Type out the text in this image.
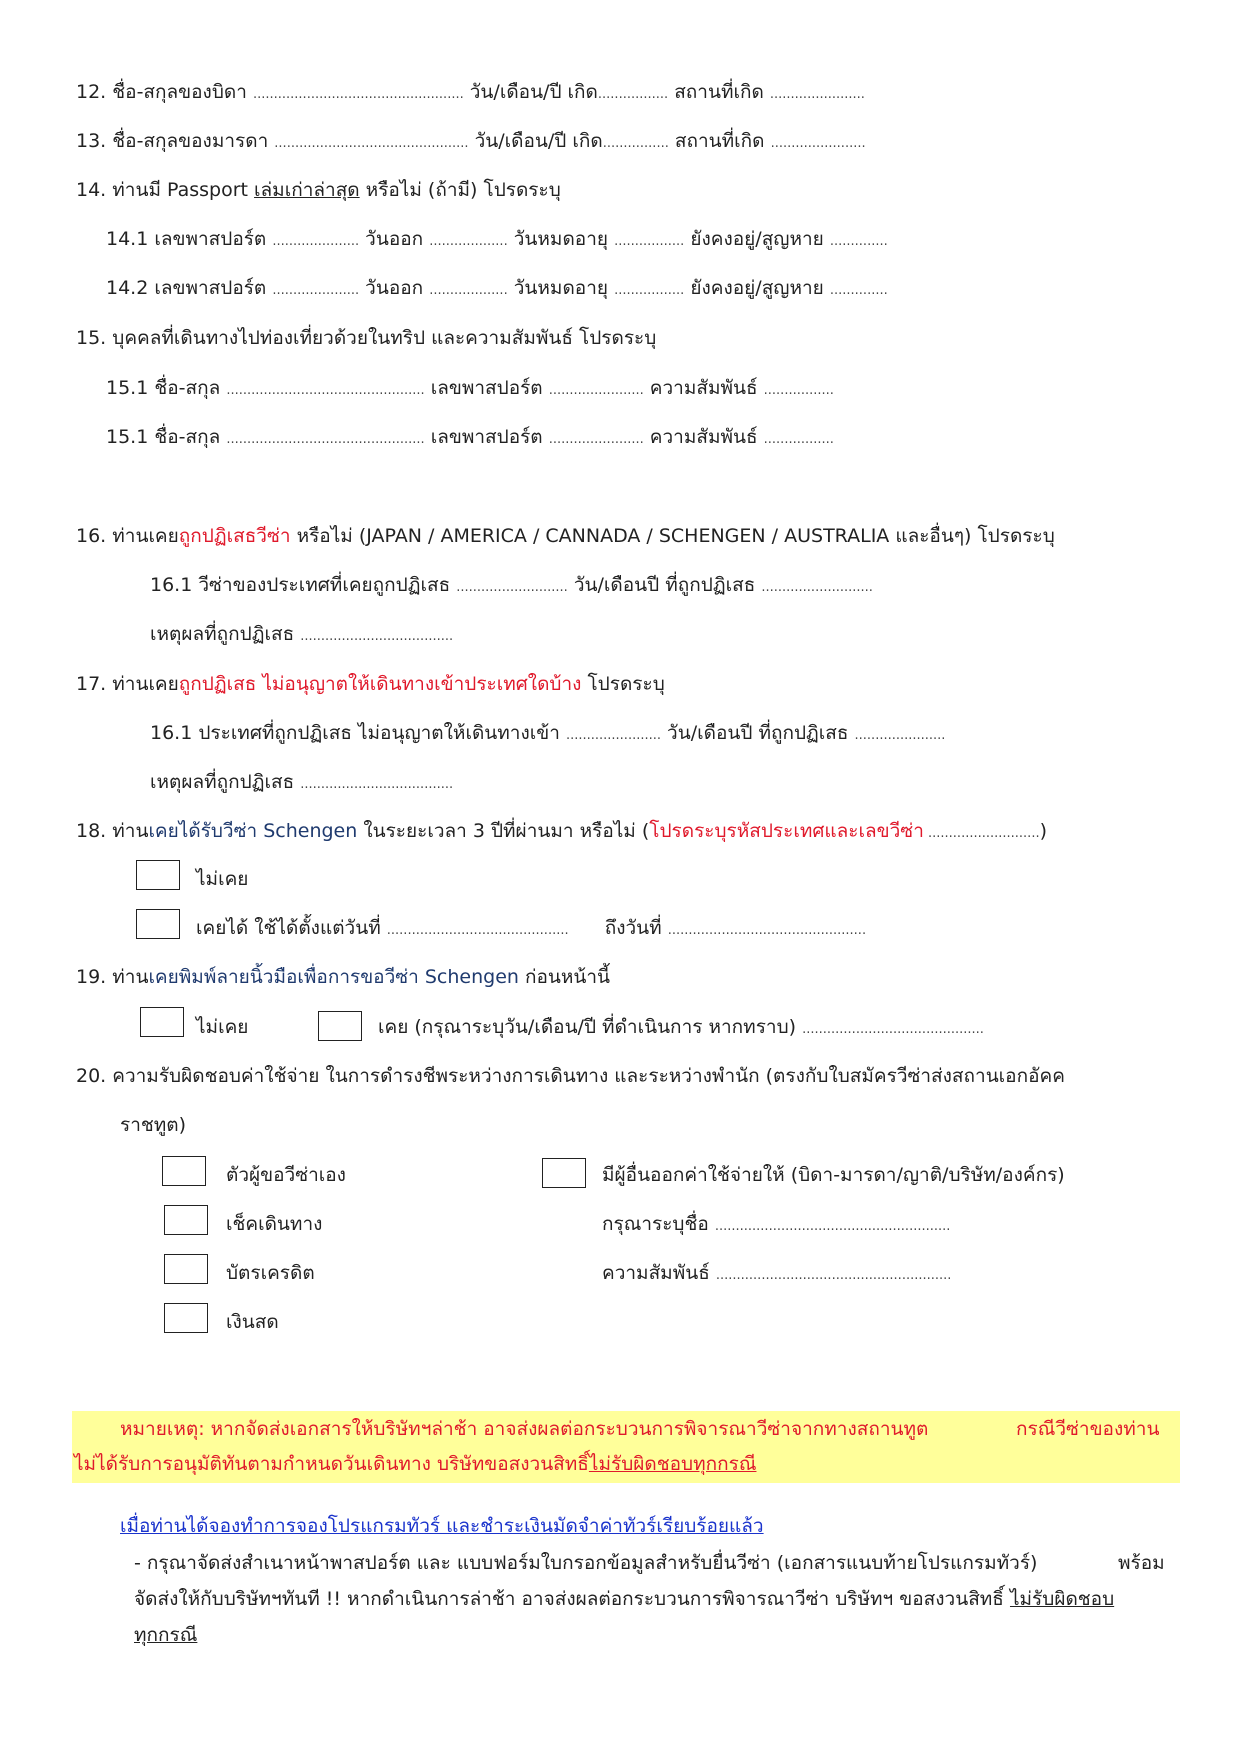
12. ชื่อ-สกุลของบิดา ................................................... วัน/เดือน/ปี เกิด................. สถานที่เกิด .......................
13. ชื่อ-สกุลของมารดา ............................................... วัน/เดือน/ปี เกิด................ สถานที่เกิด .......................
14. ท่านมี Passport เล่มเก่าล่าสุด หรือไม่ (ถ้ามี) โปรดระบุ
14.1 เลขพาสปอร์ต ..................... วันออก ................... วันหมดอายุ ................. ยังคงอยู่/สูญหาย ..............
14.2 เลขพาสปอร์ต ..................... วันออก ................... วันหมดอายุ ................. ยังคงอยู่/สูญหาย ..............
15. บุคคลที่เดินทางไปท่องเที่ยวด้วยในทริป และความสัมพันธ์ โปรดระบุ
15.1 ชื่อ-สกุล ................................................ เลขพาสปอร์ต ....................... ความสัมพันธ์ .................
15.1 ชื่อ-สกุล ................................................ เลขพาสปอร์ต ....................... ความสัมพันธ์ .................
16. ท่านเคยถูกปฏิเสธวีซ่า หรือไม่ (JAPAN / AMERICA / CANNADA / SCHENGEN / AUSTRALIA และอื่นๆ) โปรดระบุ
16.1 วีซ่าของประเทศที่เคยถูกปฏิเสธ ........................... วัน/เดือนปี ที่ถูกปฏิเสธ ...........................
เหตุผลที่ถูกปฏิเสธ .....................................
17. ท่านเคยถูกปฏิเสธ ไม่อนุญาตให้เดินทางเข้าประเทศใดบ้าง โปรดระบุ
16.1 ประเทศที่ถูกปฏิเสธ ไม่อนุญาตให้เดินทางเข้า ....................... วัน/เดือนปี ที่ถูกปฏิเสธ ......................
เหตุผลที่ถูกปฏิเสธ .....................................
18. ท่านเคยได้รับวีซ่า Schengen ในระยะเวลา 3 ปีที่ผ่านมา หรือไม่ (โปรดระบุรหัสประเทศและเลขวีซ่า ...........................)
ไม่เคย
เคยได้ ใช้ได้ตั้งแต่วันที่ ............................................ ถึงวันที่ ................................................
19. ท่านเคยพิมพ์ลายนิ้วมือเพื่อการขอวีซ่า Schengen ก่อนหน้านี้
ไม่เคย	เคย (กรุณาระบุวัน/เดือน/ปี ที่ดำเนินการ หากทราบ) ............................................
20. ความรับผิดชอบค่าใช้จ่าย ในการดำรงชีพระหว่างการเดินทาง และระหว่างพำนัก (ตรงกับใบสมัครวีซ่าส่งสถานเอกอัคค
ราชทูต)
ตัวผู้ขอวีซ่าเอง	มีผู้อื่นออกค่าใช้จ่ายให้ (บิดา-มารดา/ญาติ/บริษัท/องค์กร)
เช็คเดินทาง	กรุณาระบุชื่อ .........................................................
บัตรเครดิต	ความสัมพันธ์ .........................................................
เงินสด
หมายเหตุ: หากจัดส่งเอกสารให้บริษัทฯล่าช้า อาจส่งผลต่อกระบวนการพิจารณาวีซ่าจากทางสถานทูต	กรณีวีซ่าของท่าน
ไม่ได้รับการอนุมัติทันตามกำหนดวันเดินทาง บริษัทขอสงวนสิทธิ์ไม่รับผิดชอบทุกกรณี
เมื่อท่านได้จองทำการจองโปรแกรมทัวร์ และชำระเงินมัดจำค่าทัวร์เรียบร้อยแล้ว
- กรุณาจัดส่งสำเนาหน้าพาสปอร์ต และ แบบฟอร์มใบกรอกข้อมูลสำหรับยื่นวีซ่า (เอกสารแนบท้ายโปรแกรมทัวร์)	พร้อม
จัดส่งให้กับบริษัทฯทันที !! หากดำเนินการล่าช้า อาจส่งผลต่อกระบวนการพิจารณาวีซ่า บริษัทฯ ขอสงวนสิทธิ์ ไม่รับผิดชอบ
ทุกกรณี
